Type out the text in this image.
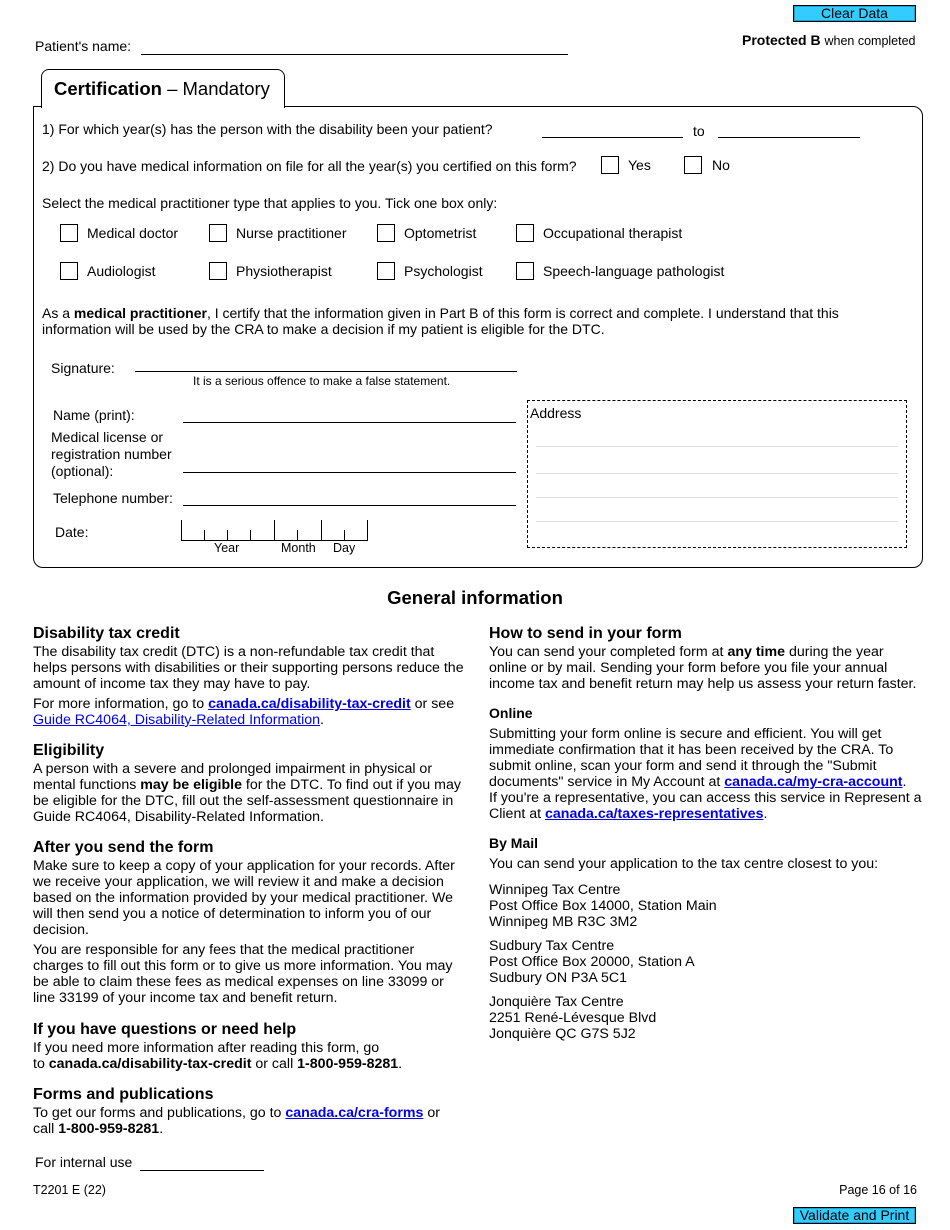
Clear Data
Patient's name:	Protected B when completed
Certification – Mandatory
1) For which year(s) has the person with the disability been your patient?	to
2) Do you have medical information on file for all the year(s) you certified on this form?	Yes	No
Select the medical practitioner type that applies to you. Tick one box only:
Medical doctor	Nurse practitioner	Optometrist	Occupational therapist
Audiologist	Physiotherapist	Psychologist	Speech-language pathologist
As a medical practitioner, I certify that the information given in Part B of this form is correct and complete. I understand that this
information will be used by the CRA to make a decision if my patient is eligible for the DTC.
Signature:
It is a serious offence to make a false statement.
Name (print):
Medical license or
registration number
(optional):
Telephone number:
Date:
Year	Month Day
Address
General information
Disability tax credit

The disability tax credit (DTC) is a non-refundable tax credit that

helps persons with disabilities or their supporting persons reduce the

amount of income tax they may have to pay.

For more information, go to canada.ca/disability-tax-credit or see

Guide RC4064, Disability-Related Information.

Eligibility

A person with a severe and prolonged impairment in physical or

mental functions may be eligible for the DTC. To find out if you may

be eligible for the DTC, fill out the self-assessment questionnaire in

Guide RC4064, Disability-Related Information.

After you send the form

Make sure to keep a copy of your application for your records. After

we receive your application, we will review it and make a decision

based on the information provided by your medical practitioner. We

will then send you a notice of determination to inform you of our

decision.

You are responsible for any fees that the medical practitioner

charges to fill out this form or to give us more information. You may

be able to claim these fees as medical expenses on line 33099 or

line 33199 of your income tax and benefit return.

If you have questions or need help

If you need more information after reading this form, go

to canada.ca/disability-tax-credit or call 1-800-959-8281.

Forms and publications

To get our forms and publications, go to canada.ca/cra-forms or

call 1-800-959-8281.

How to send in your form

You can send your completed form at any time during the year

online or by mail. Sending your form before you file your annual

income tax and benefit return may help us assess your return faster.

Online

Submitting your form online is secure and efficient. You will get

immediate confirmation that it has been received by the CRA. To

submit online, scan your form and send it through the "Submit

documents" service in My Account at canada.ca/my-cra-account.

If you're a representative, you can access this service in Represent a

Client at canada.ca/taxes-representatives.

By Mail

You can send your application to the tax centre closest to you:

Winnipeg Tax Centre

Post Office Box 14000, Station Main

Winnipeg MB R3C 3M2

Sudbury Tax Centre

Post Office Box 20000, Station A

Sudbury ON P3A 5C1

Jonquière Tax Centre

2251 René-Lévesque Blvd

Jonquière QC G7S 5J2

For internal use
T2201 E (22)	Page 16 of 16
Validate and Print
